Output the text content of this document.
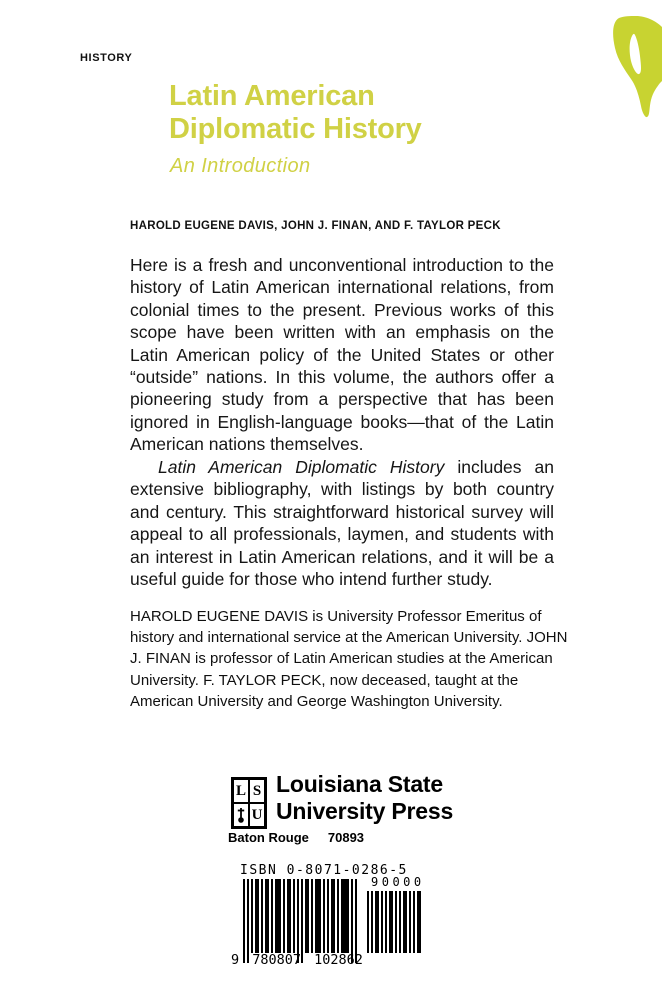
HISTORY
Latin American
Diplomatic History
An Introduction
HAROLD EUGENE DAVIS, JOHN J. FINAN, AND F. TAYLOR PECK

Here is a fresh and unconventional introduction to the history of Latin American international relations, from colonial times to the present. Previous works of this scope have been written with an emphasis on the Latin American policy of the United States or other “outside” nations. In this volume, the authors offer a pioneering study from a perspective that has been ignored in English-language books—that of the Latin American nations themselves.

Latin American Diplomatic History includes an extensive bibliography, with listings by both country and century. This straightforward historical survey will appeal to all professionals, laymen, and students with an interest in Latin American relations, and it will be a useful guide for those who intend further study.

HAROLD EUGENE DAVIS is University Professor Emeritus of history and international service at the American University. JOHN J. FINAN is professor of Latin American studies at the American University. F. TAYLOR PECK, now deceased, taught at the American University and George Washington University.

L S
U
Louisiana State
University Press
Baton Rouge 70893
ISBN 0-8071-0286-5
9 780807 102862
90000
